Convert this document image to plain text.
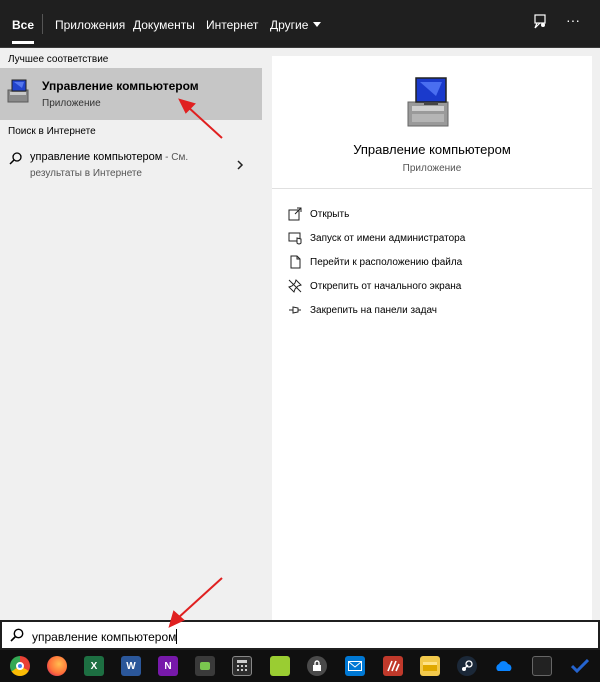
Все Приложения Документы Интернет Другие	···
Лучшее соответствие
Управление компьютером
Приложение
Поиск в Интернете
управление компьютером - См.
результаты в Интернете
Управление компьютером
Приложение
Открыть
Запуск от имени администратора
Перейти к расположению файла
Открепить от начального экрана
Закрепить на панели задач
управление компьютером
X	W	N
